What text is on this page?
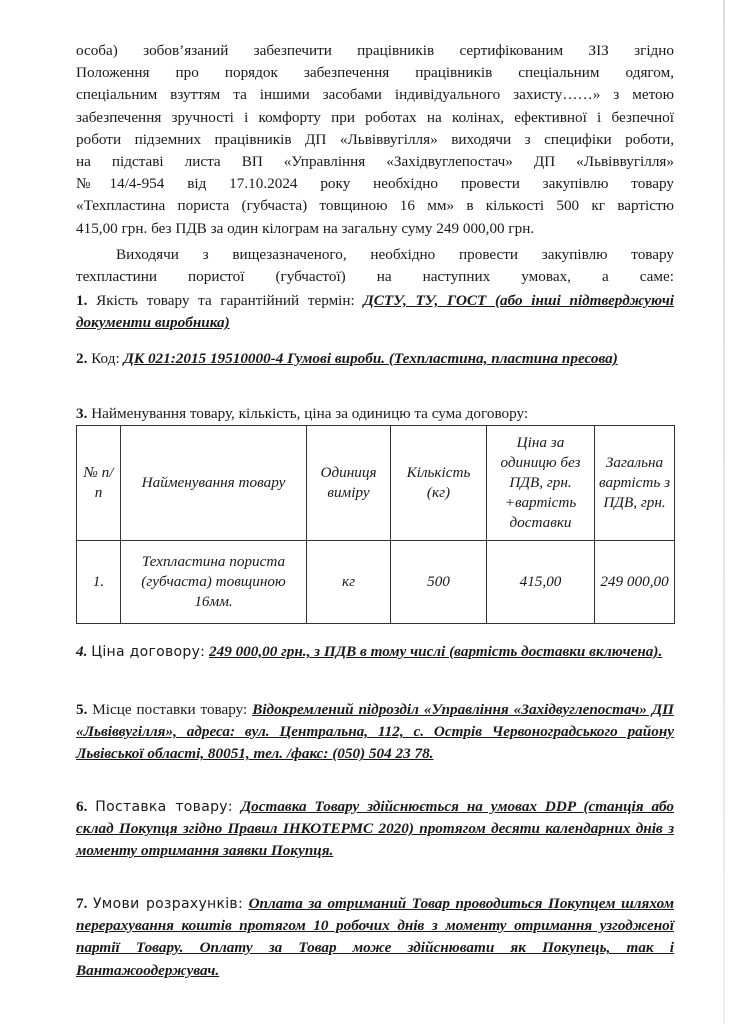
особа) зобов’язаний забезпечити працівників сертифікованим ЗІЗ згідно
Положення про порядок забезпечення працівників спеціальним одягом,
спеціальним взуттям та іншими засобами індивідуального захисту……» з метою
забезпечення зручності і комфорту при роботах на колінах, ефективної і безпечної
роботи підземних працівників ДП «Львіввугілля» виходячи з специфіки роботи,
на підставі листа ВП «Управління «Західвуглепостач» ДП «Львіввугілля»
№14/4-954 від 17.10.2024 року необхідно провести закупівлю товару
«Техпластина пориста (губчаста) товщиною 16 мм» в кількості 500 кг вартістю
415,00 грн. без ПДВ за один кілограм на загальну суму 249 000,00 грн.
Виходячи з вищезазначеного, необхідно провести закупівлю товару
техпластини пористої (губчастої) на наступних умовах, а саме:

1. Якість товару та гарантійний термін: ДСТУ, ТУ, ГОСТ (або інші підтверджуючі документи виробника)

2. Код: ДК 021:2015 19510000-4 Гумові вироби. (Техпластина, пластина пресова)

3. Найменування товару, кількість, ціна за одиницю та сума договору:

№ п/п	Найменування товару	Одиниця виміру	Кількість (кг)	Ціна за одиницю без ПДВ, грн. +вартість доставки	Загальна вартість з ПДВ, грн.
1.	Техпластина пориста (губчаста) товщиною 16мм.	кг	500	415,00	249 000,00

4. Ціна договору: 249 000,00 грн., з ПДВ в тому числі (вартість доставки включена).

5. Місце поставки товару: Відокремлений підрозділ «Управління «Західвуглепостач» ДП «Львіввугілля», адреса: вул. Центральна, 112, с. Острів Червоноградського району Львівської області, 80051, тел. /факс: (050) 504 23 78.

6. Поставка товару: Доставка Товару здійснюється на умовах DDP (станція або склад Покупця згідно Правил ІНКОТЕРМС 2020) протягом десяти календарних днів з моменту отримання заявки Покупця.

7. Умови розрахунків: Оплата за отриманий Товар проводиться Покупцем шляхом перерахування коштів протягом 10 робочих днів з моменту отримання узгодженої партії Товару. Оплату за Товар може здійснювати як Покупець, так і Вантажоодержувач.
